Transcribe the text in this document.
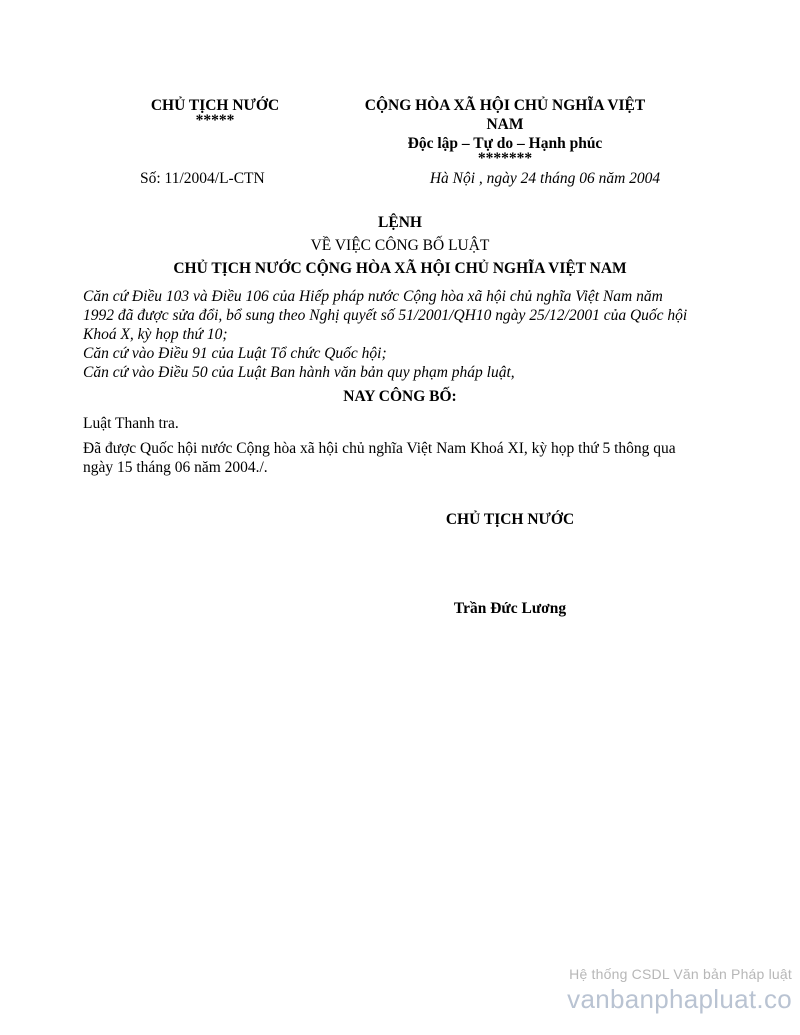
CHỦ TỊCH NƯỚC
*****
CỘNG HÒA XÃ HỘI CHỦ NGHĨA VIỆT
NAM
Độc lập – Tự do – Hạnh phúc
*******
Số: 11/2004/L-CTN	Hà Nội , ngày 24 tháng 06 năm 2004
LỆNH
VỀ VIỆC CÔNG BỐ LUẬT
CHỦ TỊCH NƯỚC CỘNG HÒA XÃ HỘI CHỦ NGHĨA VIỆT NAM
Căn cứ Điều 103 và Điều 106 của Hiếp pháp nước Cộng hòa xã hội chủ nghĩa Việt Nam năm
1992 đã được sửa đổi, bổ sung theo Nghị quyết số 51/2001/QH10 ngày 25/12/2001 của Quốc hội
Khoá X, kỳ họp thứ 10;
Căn cứ vào Điều 91 của Luật Tổ chức Quốc hội;
Căn cứ vào Điều 50 của Luật Ban hành văn bản quy phạm pháp luật,
NAY CÔNG BỐ:

Luật Thanh tra.

Đã được Quốc hội nước Cộng hòa xã hội chủ nghĩa Việt Nam Khoá XI, kỳ họp thứ 5 thông qua
ngày 15 tháng 06 năm 2004./.
CHỦ TỊCH NƯỚC
Trần Đức Lương
Hệ thống CSDL Văn bản Pháp luật
vanbanphapluat.co
